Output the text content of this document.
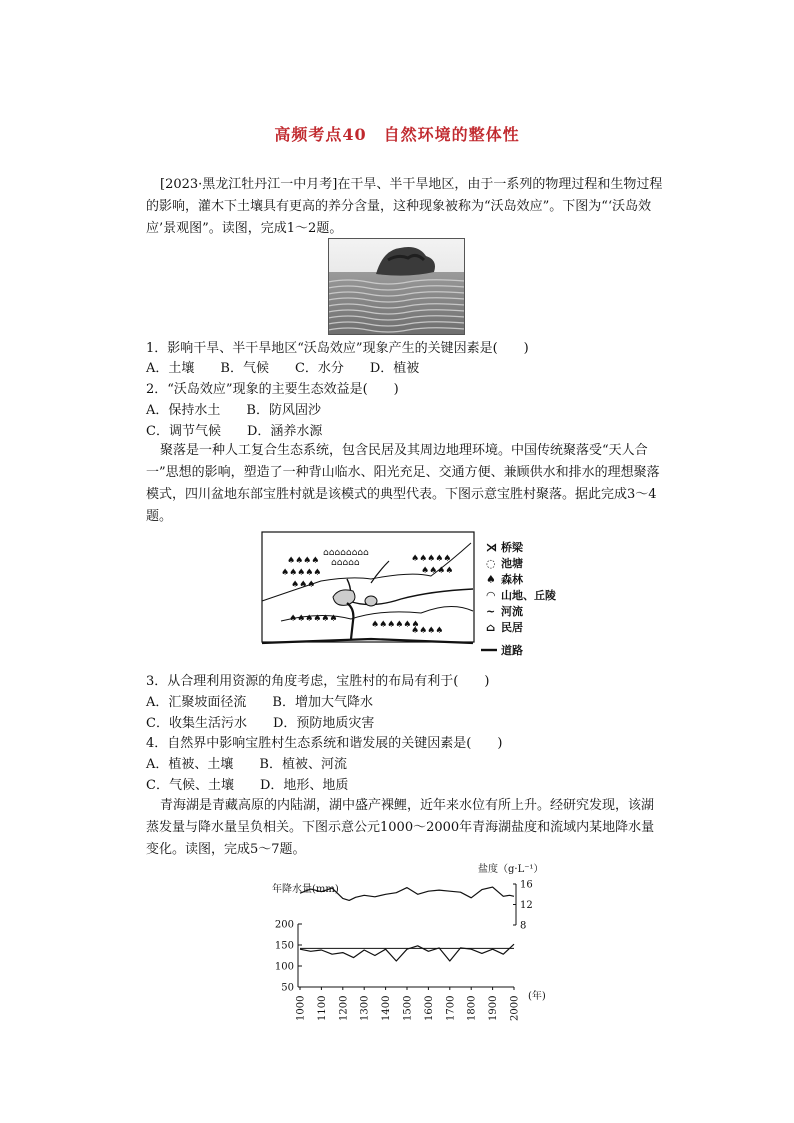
高频考点40　自然环境的整体性
[2023·黑龙江牡丹江一中月考]在干旱、半干旱地区，由于一系列的物理过程和生物过程的影响，灌木下土壤具有更高的养分含量，这种现象被称为“沃岛效应”。下图为“‘沃岛效应’景观图”。读图，完成1～2题。
1．影响干旱、半干旱地区“沃岛效应”现象产生的关键因素是(　　)
A．土壤　　B．气候　　C．水分　　D．植被
2．“沃岛效应”现象的主要生态效益是(　　)
A．保持水土　　B．防风固沙
C．调节气候　　D．涵养水源
聚落是一种人工复合生态系统，包含民居及其周边地理环境。中国传统聚落受“天人合一”思想的影响，塑造了一种背山临水、阳光充足、交通方便、兼顾供水和排水的理想聚落模式，四川盆地东部宝胜村就是该模式的典型代表。下图示意宝胜村聚落。据此完成3～4题。
♠♠♠♠
♠♠♠♠♠
♠♠♠
♠♠♠♠♠
♠♠♠♠
♠♠♠♠♠♠
♠♠♠♠♠♠
♠♠♠♠
⌂⌂⌂⌂⌂⌂⌂⌂
⌂⌂⌂⌂⌂
⋊ 桥梁
◌ 池塘
♠ 森林
◠ 山地、丘陵
~ 河流
⌂ 民居
道路
3．从合理利用资源的角度考虑，宝胜村的布局有利于(　　)
A．汇聚坡面径流　　B．增加大气降水
C．收集生活污水　　D．预防地质灾害
4．自然界中影响宝胜村生态系统和谐发展的关键因素是(　　)
A．植被、土壤　　B．植被、河流
C．气候、土壤　　D．地形、地质
青海湖是青藏高原的内陆湖，湖中盛产裸鲤，近年来水位有所上升。经研究发现，该湖蒸发量与降水量呈负相关。下图示意公元1000～2000年青海湖盐度和流域内某地降水量变化。读图，完成5～7题。
年降水量(mm)
盐度（g·L⁻¹）
(年)
200
150
100
50
16
12
8
1000 1100 1200 1300 1400 1500 1600 1700 1800 1900 2000
